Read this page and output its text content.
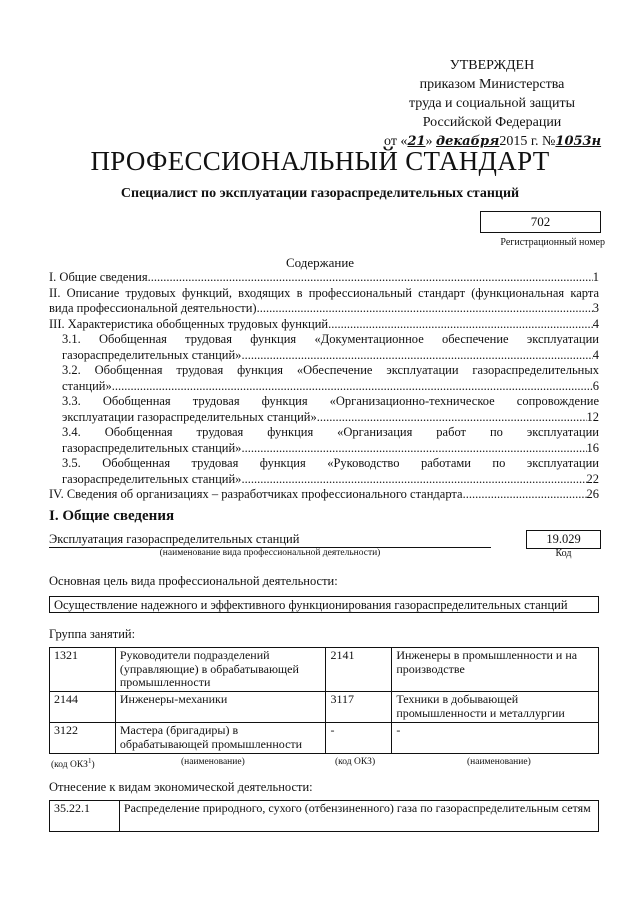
УТВЕРЖДЕН
приказом Министерства
труда и социальной защиты
Российской Федерации
от «21» декабря2015 г. №1053н
ПРОФЕССИОНАЛЬНЫЙ СТАНДАРТ
Специалист по эксплуатации газораспределительных станций
702
Регистрационный номер
Содержание
I. Общие сведения .....	1
II. Описание трудовых функций, входящих в профессиональный стандарт (функциональная карта
вида профессиональной деятельности) .....	3
III. Характеристика обобщенных трудовых функций .....	4
3.1. Обобщенная трудовая функция «Документационное обеспечение эксплуатации
газораспределительных станций» .....	4
3.2. Обобщенная трудовая функция «Обеспечение эксплуатации газораспределительных
станций» .....	6
3.3. Обобщенная трудовая функция «Организационно-техническое сопровождение
эксплуатации газораспределительных станций» .....	12
3.4. Обобщенная трудовая функция «Организация работ по эксплуатации
газораспределительных станций» .....	16
3.5. Обобщенная трудовая функция «Руководство работами по эксплуатации
газораспределительных станций» .....	22
IV. Сведения об организациях – разработчиках профессионального стандарта .....	26
I. Общие сведения
Эксплуатация газораспределительных станций
(наименование вида профессиональной деятельности)
19.029
Код
Основная цель вида профессиональной деятельности:
Осуществление надежного и эффективного функционирования газораспределительных станций
Группа занятий:
1321	Руководители подразделений (управляющие) в обрабатывающей промышленности	2141	Инженеры в промышленности и на производстве
2144	Инженеры-механики	3117	Техники в добывающей промышленности и металлургии
3122	Мастера (бригадиры) в обрабатывающей промышленности	-	-
(код ОКЗ$^1$)	(наименование)	(код ОКЗ)	(наименование)
Отнесение к видам экономической деятельности:
35.22.1	Распределение природного, сухого (отбензиненного) газа по газораспределительным сетям
